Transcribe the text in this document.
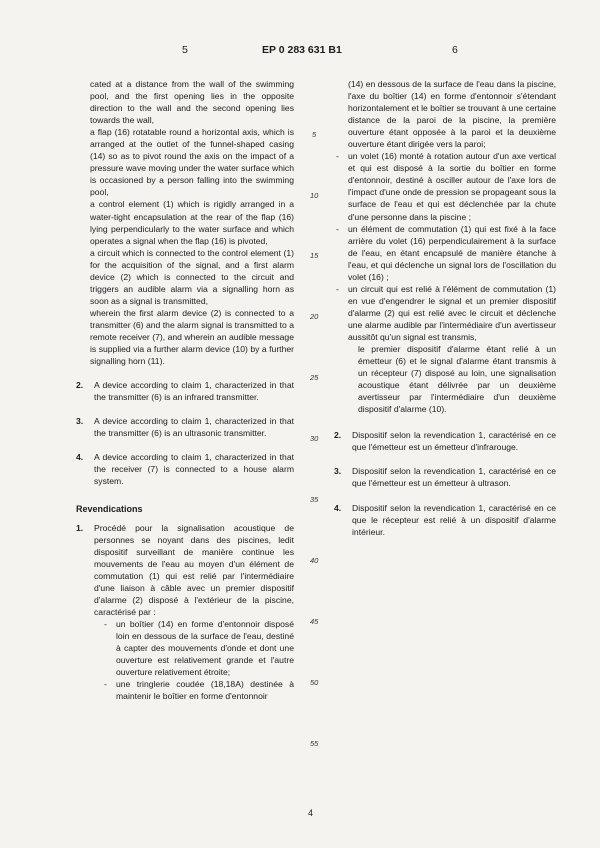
5	EP 0 283 631 B1	6
5
10
15
20
25
30
35
40
45
50
55

cated at a distance from the wall of the swimming pool, and the first opening lies in the opposite direction to the wall and the second opening lies towards the wall,

a flap (16) rotatable round a horizontal axis, which is arranged at the outlet of the funnel-shaped casing (14) so as to pivot round the axis on the impact of a pressure wave moving under the water surface which is occasioned by a person falling into the swimming pool,

a control element (1) which is rigidly arranged in a water-tight encapsulation at the rear of the flap (16) lying perpendicularly to the water surface and which operates a signal when the flap (16) is pivoted,

a circuit which is connected to the control element (1) for the acquisition of the signal, and a first alarm device (2) which is connected to the circuit and triggers an audible alarm via a signalling horn as soon as a signal is transmitted,

wherein the first alarm device (2) is connected to a transmitter (6) and the alarm signal is transmitted to a remote receiver (7), and wherein an audible message is supplied via a further alarm device (10) by a further signalling horn (11).

2. A device according to claim 1, characterized in that the transmitter (6) is an infrared transmitter.
3. A device according to claim 1, characterized in that the transmitter (6) is an ultrasonic transmitter.
4. A device according to claim 1, characterized in that the receiver (7) is connected to a house alarm system.
Revendications
1. Procédé pour la signalisation acoustique de personnes se noyant dans des piscines, ledit dispositif surveillant de manière continue les mouvements de l'eau au moyen d'un élément de commutation (1) qui est relié par l'intermédiaire d'une liaison à câble avec un premier dispositif d'alarme (2) disposé à l'extérieur de la piscine, caractérisé par :

- un boîtier (14) en forme d'entonnoir disposé loin en dessous de la surface de l'eau, destiné à capter des mouvements d'onde et dont une ouverture est relativement grande et l'autre ouverture relativement étroite;

- une tringlerie coudée (18,18A) destinée à maintenir le boîtier en forme d'entonnoir

(14) en dessous de la surface de l'eau dans la piscine, l'axe du boîtier (14) en forme d'entonnoir s'étendant horizontalement et le boîtier se trouvant à une certaine distance de la paroi de la piscine, la première ouverture étant opposée à la paroi et la deuxième ouverture étant dirigée vers la paroi;

- un volet (16) monté à rotation autour d'un axe vertical et qui est disposé à la sortie du boîtier en forme d'entonnoir, destiné à osciller autour de l'axe lors de l'impact d'une onde de pression se propageant sous la surface de l'eau et qui est déclenchée par la chute d'une personne dans la piscine ;

- un élément de commutation (1) qui est fixé à la face arrière du volet (16) perpendiculairement à la surface de l'eau, en étant encapsulé de manière étanche à l'eau, et qui déclenche un signal lors de l'oscillation du volet (16) ;

- un circuit qui est relié à l'élément de commutation (1) en vue d'engendrer le signal et un premier dispositif d'alarme (2) qui est relié avec le circuit et déclenche une alarme audible par l'intermédiaire d'un avertisseur aussitôt qu'un signal est transmis,

le premier dispositif d'alarme étant relié à un émetteur (6) et le signal d'alarme étant transmis à un récepteur (7) disposé au loin, une signalisation acoustique étant délivrée par un deuxième avertisseur par l'intermédiaire d'un deuxième dispositif d'alarme (10).

2. Dispositif selon la revendication 1, caractérisé en ce que l'émetteur est un émetteur d'infrarouge.
3. Dispositif selon la revendication 1, caractérisé en ce que l'émetteur est un émetteur à ultrason.
4. Dispositif selon la revendication 1, caractérisé en ce que le récepteur est relié à un dispositif d'alarme intérieur.
4
